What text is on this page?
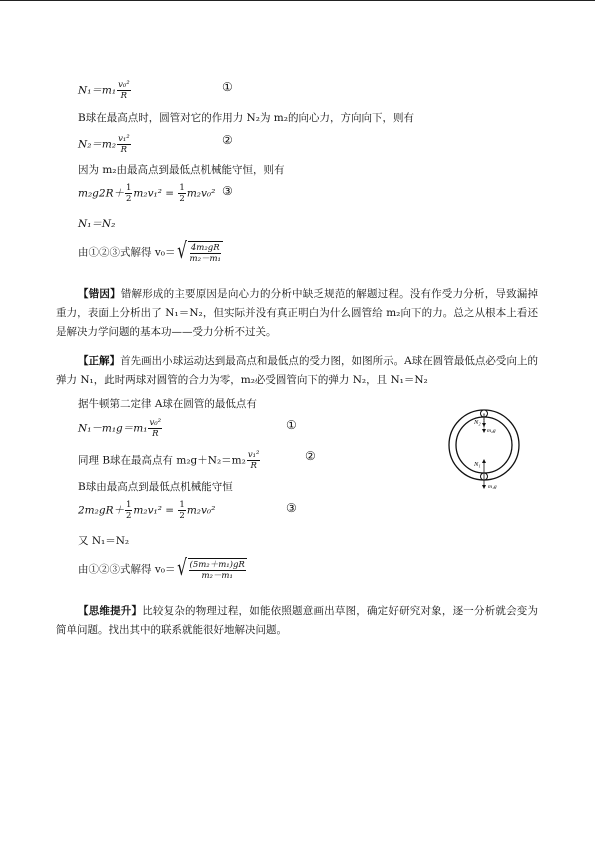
$N_1=m_1 \frac{\text{v₀²}}{R}$	①
B球在最高点时，圆管对它的作用力 N₂为 m₂的向心力，方向向下，则有
$N_2=m_2 \frac{\text{v₁²}}{R}$	②
因为 m₂由最高点到最低点机械能守恒，则有
$m_2g2R+ \frac{1}{2} m_2v_1^2 = \frac{1}{2} m_2v_0^2$ ③
N₁＝N₂
由①②③式解得 v₀＝ √ $\frac{\text{4m₂gR}}{\text{m₂－m₁}}$
【错因】错解形成的主要原因是向心力的分析中缺乏规范的解题过程。没有作受力分析，导致漏掉重力，表面上分析出了 N₁＝N₂，但实际并没有真正明白为什么圆管给 m₂向下的力。总之从根本上看还是解决力学问题的基本功——受力分析不过关。
【正解】首先画出小球运动达到最高点和最低点的受力图，如图所示。A球在圆管最低点必受向上的弹力 N₁，此时两球对圆管的合力为零，m₂必受圆管向下的弹力 N₂，且 N₁＝N₂
据牛顿第二定律 A球在圆管的最低点有
$N_1-m_1g=m_1 \frac{\text{v₀²}}{R}$	①
同理 B球在最高点有 $m_2g+N_2=m_2 \frac{\text{v₁²}}{R}$	②
B球由最高点到最低点机械能守恒
$2m_2gR+ \frac{1}{2} m_2v_1^2 = \frac{1}{2} m_2v_0^2$	③
又 N₁＝N₂
由①②③式解得 v₀＝ √ $\frac{\text{(5m₂＋m₁)gR}}{\text{m₂－m₁}}$
【思维提升】比较复杂的物理过程，如能依照题意画出草图，确定好研究对象，逐一分析就会变为简单问题。找出其中的联系就能很好地解决问题。
N₂
m₂g
N₁
m₁g
